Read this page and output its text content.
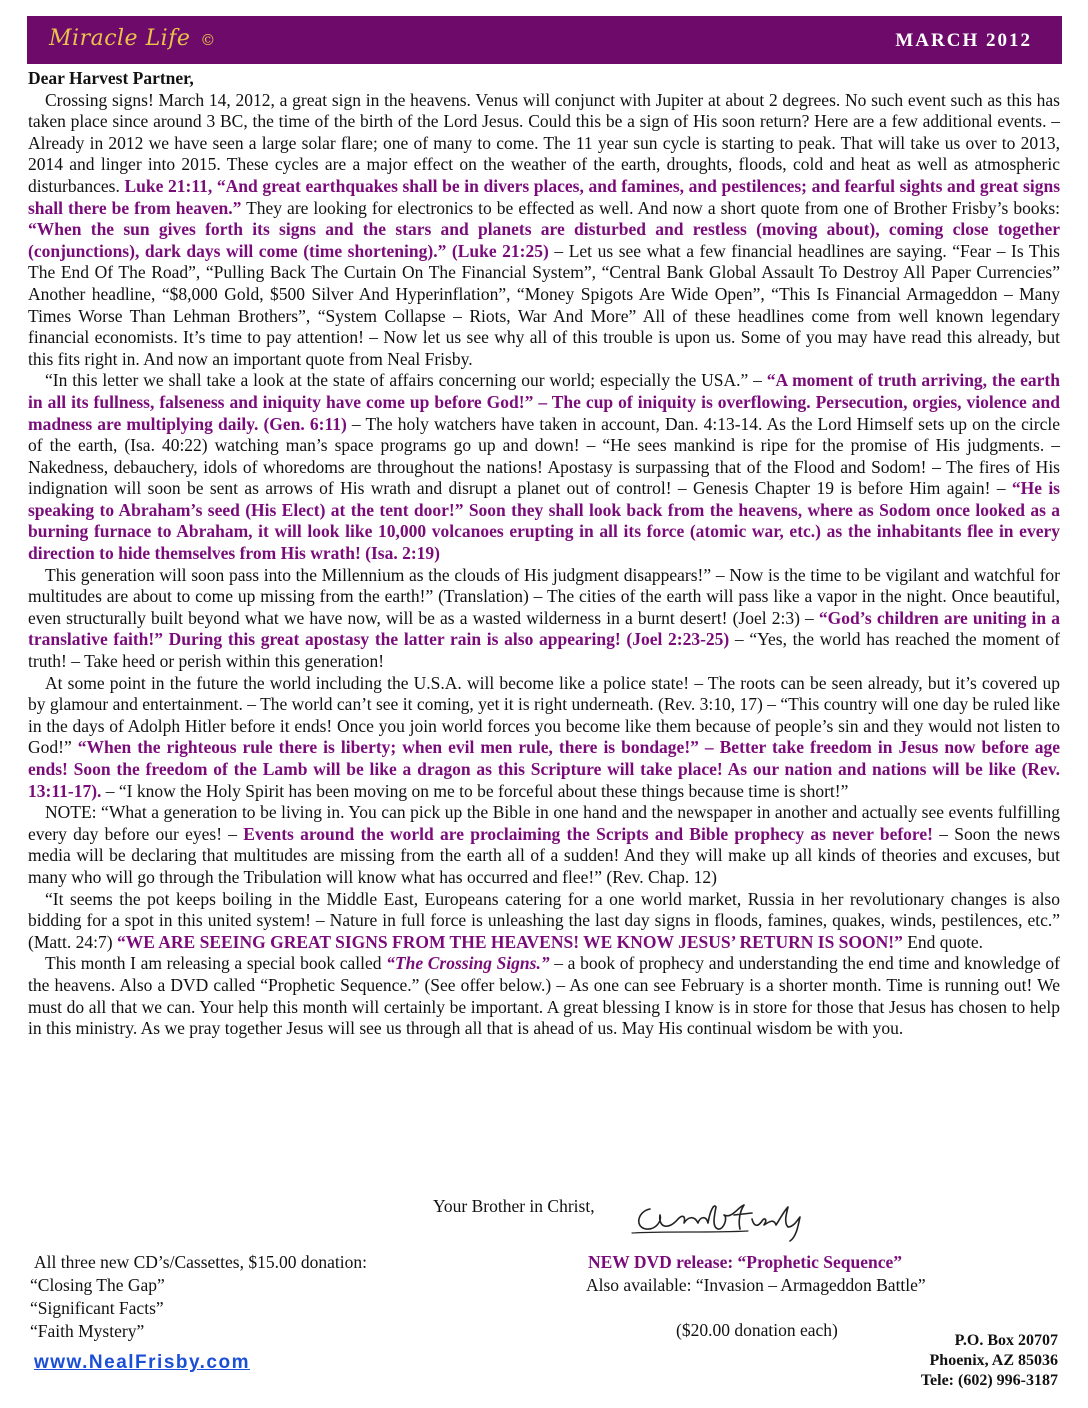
Miracle Life ©	MARCH 2012
Dear Harvest Partner,

Crossing signs! March 14, 2012, a great sign in the heavens. Venus will conjunct with Jupiter at about 2 degrees. No such event such as this has taken place since around 3 BC, the time of the birth of the Lord Jesus. Could this be a sign of His soon return? Here are a few additional events. – Already in 2012 we have seen a large solar flare; one of many to come. The 11 year sun cycle is starting to peak. That will take us over to 2013, 2014 and linger into 2015. These cycles are a major effect on the weather of the earth, droughts, floods, cold and heat as well as atmospheric disturbances. Luke 21:11, “And great earthquakes shall be in divers places, and famines, and pestilences; and fearful sights and great signs shall there be from heaven.” They are looking for electronics to be effected as well. And now a short quote from one of Brother Frisby’s books: “When the sun gives forth its signs and the stars and planets are disturbed and restless (moving about), coming close together (conjunctions), dark days will come (time shortening).” (Luke 21:25) – Let us see what a few financial headlines are saying. “Fear – Is This The End Of The Road”, “Pulling Back The Curtain On The Financial System”, “Central Bank Global Assault To Destroy All Paper Currencies” Another headline, “$8,000 Gold, $500 Silver And Hyperinflation”, “Money Spigots Are Wide Open”, “This Is Financial Armageddon – Many Times Worse Than Lehman Brothers”, “System Collapse – Riots, War And More” All of these headlines come from well known legendary financial economists. It’s time to pay attention! – Now let us see why all of this trouble is upon us. Some of you may have read this already, but this fits right in. And now an important quote from Neal Frisby.

“In this letter we shall take a look at the state of affairs concerning our world; especially the USA.” – “A moment of truth arriving, the earth in all its fullness, falseness and iniquity have come up before God!” – The cup of iniquity is overflowing. Persecution, orgies, violence and madness are multiplying daily. (Gen. 6:11) – The holy watchers have taken in account, Dan. 4:13-14. As the Lord Himself sets up on the circle of the earth, (Isa. 40:22) watching man’s space programs go up and down! – “He sees mankind is ripe for the promise of His judgments. – Nakedness, debauchery, idols of whoredoms are throughout the nations! Apostasy is surpassing that of the Flood and Sodom! – The fires of His indignation will soon be sent as arrows of His wrath and disrupt a planet out of control! – Genesis Chapter 19 is before Him again! – “He is speaking to Abraham’s seed (His Elect) at the tent door!” Soon they shall look back from the heavens, where as Sodom once looked as a burning furnace to Abraham, it will look like 10,000 volcanoes erupting in all its force (atomic war, etc.) as the inhabitants flee in every direction to hide themselves from His wrath! (Isa. 2:19)

This generation will soon pass into the Millennium as the clouds of His judgment disappears!” – Now is the time to be vigilant and watchful for multitudes are about to come up missing from the earth!” (Translation) – The cities of the earth will pass like a vapor in the night. Once beautiful, even structurally built beyond what we have now, will be as a wasted wilderness in a burnt desert! (Joel 2:3) – “God’s children are uniting in a translative faith!” During this great apostasy the latter rain is also appearing! (Joel 2:23-25) – “Yes, the world has reached the moment of truth! – Take heed or perish within this generation!

At some point in the future the world including the U.S.A. will become like a police state! – The roots can be seen already, but it’s covered up by glamour and entertainment. – The world can’t see it coming, yet it is right underneath. (Rev. 3:10, 17) – “This country will one day be ruled like in the days of Adolph Hitler before it ends! Once you join world forces you become like them because of people’s sin and they would not listen to God!” “When the righteous rule there is liberty; when evil men rule, there is bondage!” – Better take freedom in Jesus now before age ends! Soon the freedom of the Lamb will be like a dragon as this Scripture will take place! As our nation and nations will be like (Rev. 13:11-17). – “I know the Holy Spirit has been moving on me to be forceful about these things because time is short!”

NOTE: “What a generation to be living in. You can pick up the Bible in one hand and the newspaper in another and actually see events fulfilling every day before our eyes! – Events around the world are proclaiming the Scripts and Bible prophecy as never before! – Soon the news media will be declaring that multitudes are missing from the earth all of a sudden! And they will make up all kinds of theories and excuses, but many who will go through the Tribulation will know what has occurred and flee!” (Rev. Chap. 12)

“It seems the pot keeps boiling in the Middle East, Europeans catering for a one world market, Russia in her revolutionary changes is also bidding for a spot in this united system! – Nature in full force is unleashing the last day signs in floods, famines, quakes, winds, pestilences, etc.” (Matt. 24:7) “WE ARE SEEING GREAT SIGNS FROM THE HEAVENS! WE KNOW JESUS’ RETURN IS SOON!” End quote.

This month I am releasing a special book called “The Crossing Signs.” – a book of prophecy and understanding the end time and knowledge of the heavens. Also a DVD called “Prophetic Sequence.” (See offer below.) – As one can see February is a shorter month. Time is running out! We must do all that we can. Your help this month will certainly be important. A great blessing I know is in store for those that Jesus has chosen to help in this ministry. As we pray together Jesus will see us through all that is ahead of us. May His continual wisdom be with you.

Your Brother in Christ,
All three new CD’s/Cassettes, $15.00 donation:
“Closing The Gap”
“Significant Facts”
“Faith Mystery”
NEW DVD release: “Prophetic Sequence”
Also available: “Invasion – Armageddon Battle”
($20.00 donation each)
www.NealFrisby.com
P.O. Box 20707
Phoenix, AZ 85036
Tele: (602) 996-3187
